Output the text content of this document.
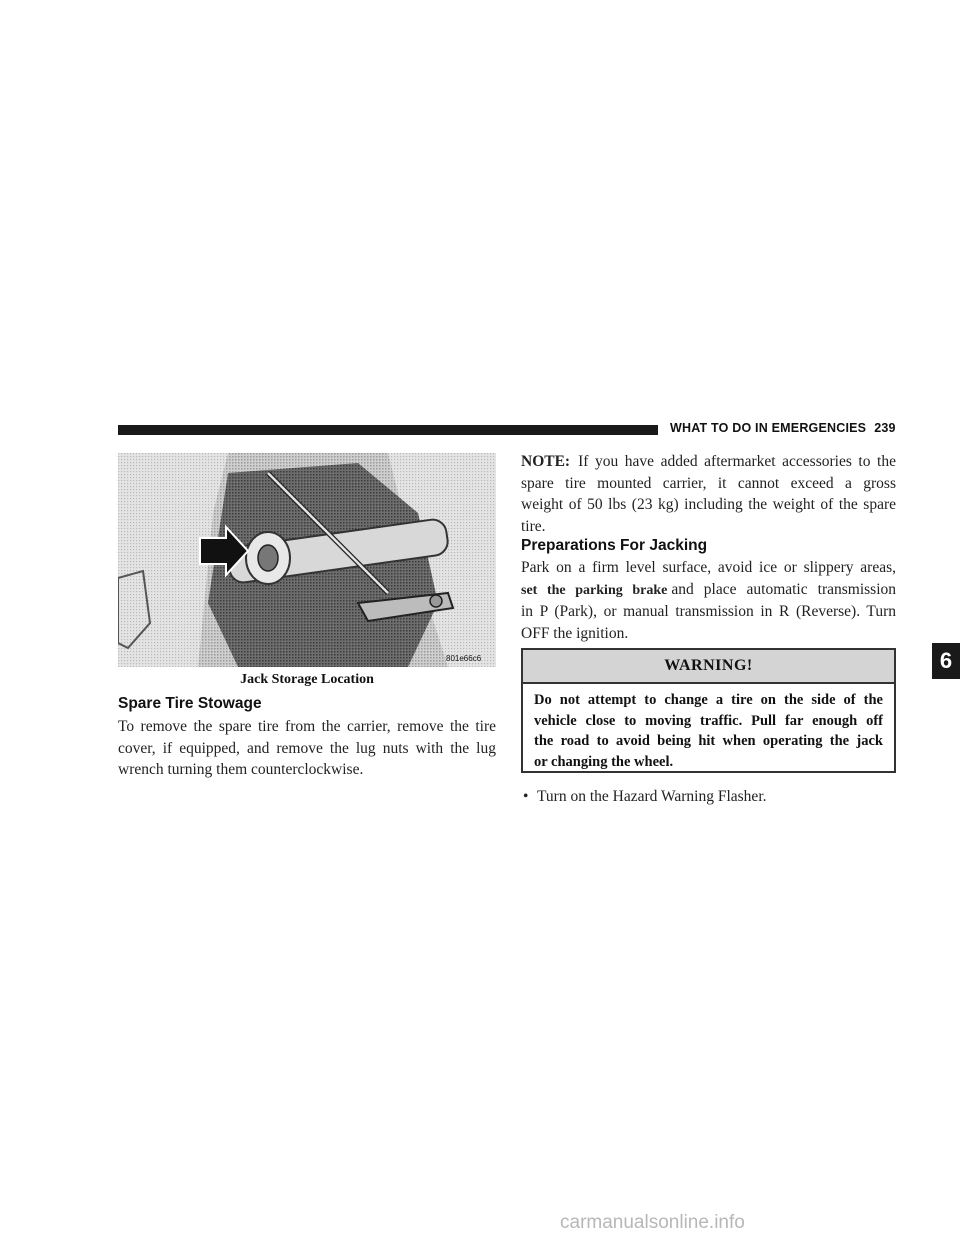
WHAT TO DO IN EMERGENCIES 239
801e66c6
Jack Storage Location
Spare Tire Stowage
To remove the spare tire from the carrier, remove the tire
cover, if equipped, and remove the lug nuts with the lug
wrench turning them counterclockwise.
NOTE: If you have added aftermarket accessories to the
spare tire mounted carrier, it cannot exceed a gross
weight of 50 lbs (23 kg) including the weight of the spare
tire.
Preparations For Jacking
Park on a firm level surface, avoid ice or slippery areas,
set the parking brake and place automatic transmission
in P (Park), or manual transmission in R (Reverse). Turn
OFF the ignition.
WARNING!
Do not attempt to change a tire on the side of the
vehicle close to moving traffic. Pull far enough off
the road to avoid being hit when operating the jack
or changing the wheel.
• Turn on the Hazard Warning Flasher.
6
carmanualsonline.info
